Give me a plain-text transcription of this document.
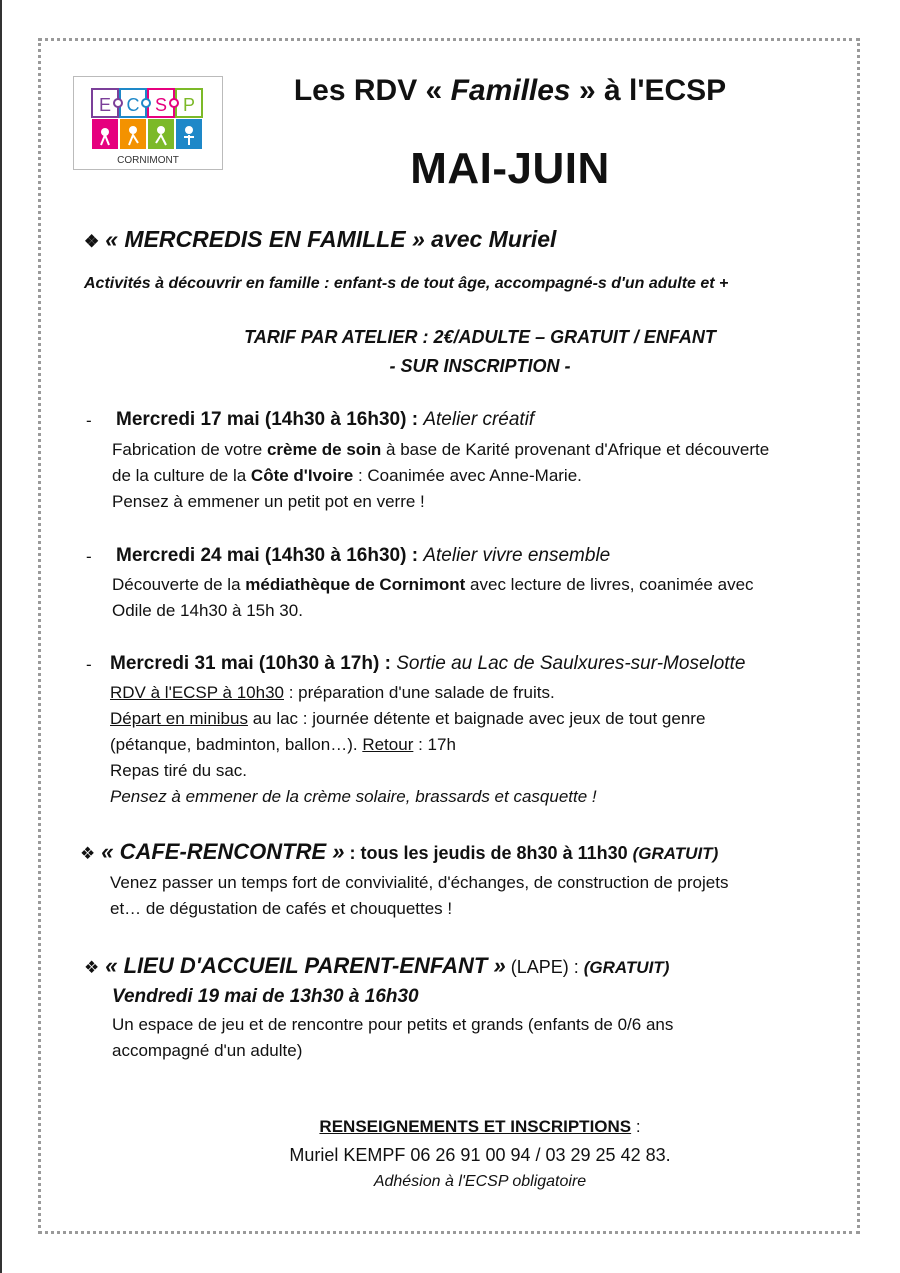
E C S P
CORNIMONT
Les RDV « Familles » à l'ECSP
MAI-JUIN
❖ « MERCREDIS EN FAMILLE » avec Muriel
Activités à découvrir en famille : enfant-s de tout âge, accompagné-s d'un adulte et +
TARIF PAR ATELIER : 2€/ADULTE – GRATUIT / ENFANT
- SUR INSCRIPTION -
- Mercredi 17 mai (14h30 à 16h30) : Atelier créatif
Fabrication de votre crème de soin à base de Karité provenant d'Afrique et découverte
de la culture de la Côte d'Ivoire : Coanimée avec Anne-Marie.
Pensez à emmener un petit pot en verre !
- Mercredi 24 mai (14h30 à 16h30) : Atelier vivre ensemble
Découverte de la médiathèque de Cornimont avec lecture de livres, coanimée avec
Odile de 14h30 à 15h 30.
- Mercredi 31 mai (10h30 à 17h) : Sortie au Lac de Saulxures-sur-Moselotte
RDV à l'ECSP à 10h30 : préparation d'une salade de fruits.
Départ en minibus au lac : journée détente et baignade avec jeux de tout genre
(pétanque, badminton, ballon…). Retour : 17h
Repas tiré du sac.
Pensez à emmener de la crème solaire, brassards et casquette !
❖ « CAFE-RENCONTRE » : tous les jeudis de 8h30 à 11h30 (GRATUIT)
Venez passer un temps fort de convivialité, d'échanges, de construction de projets
et… de dégustation de cafés et chouquettes !
❖ « LIEU D'ACCUEIL PARENT-ENFANT » (LAPE) : (GRATUIT)
Vendredi 19 mai de 13h30 à 16h30
Un espace de jeu et de rencontre pour petits et grands (enfants de 0/6 ans
accompagné d'un adulte)
RENSEIGNEMENTS ET INSCRIPTIONS :
Muriel KEMPF 06 26 91 00 94 / 03 29 25 42 83.
Adhésion à l'ECSP obligatoire
